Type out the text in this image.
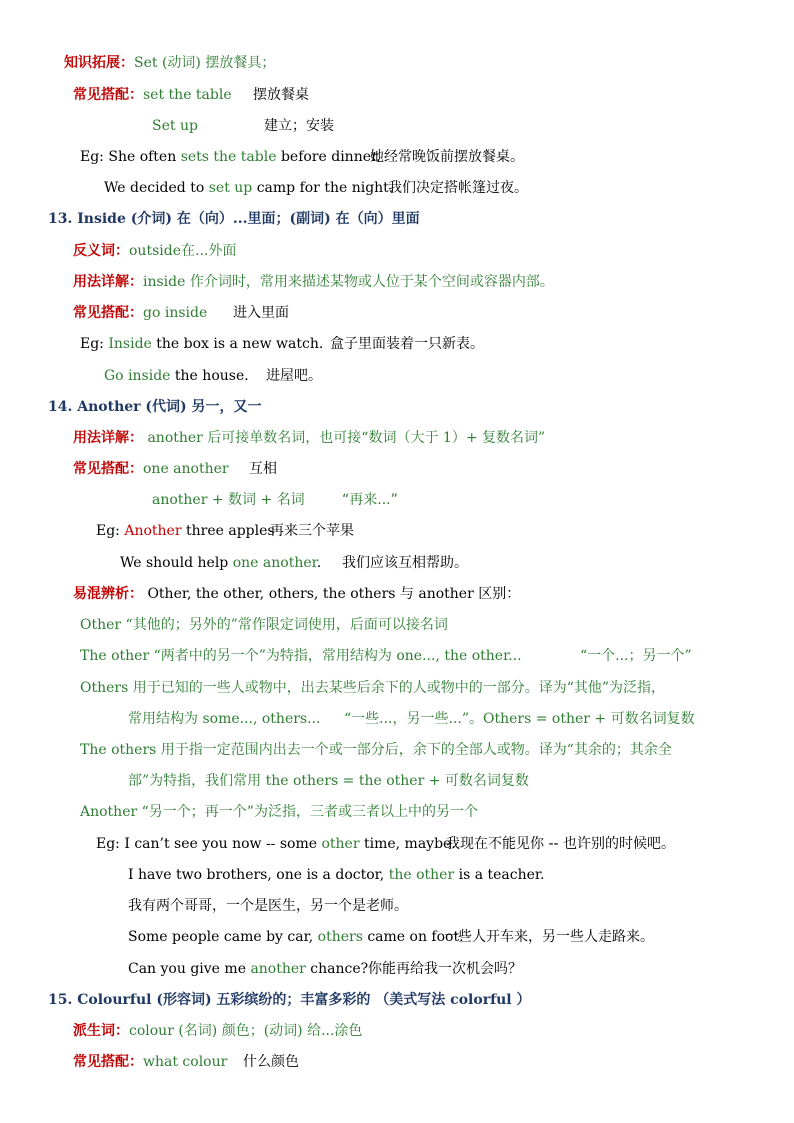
知识拓展：Set (动词) 摆放餐具；
常见搭配：set the table 摆放餐桌
Set up	建立；安装
Eg: She often sets the table before dinner.她经常晚饭前摆放餐桌。
We decided to set up camp for the night.我们决定搭帐篷过夜。
13. Inside (介词) 在（向）...里面；(副词) 在（向）里面
反义词：outside在...外面
用法详解：inside 作介词时，常用来描述某物或人位于某个空间或容器内部。
常见搭配：go inside 进入里面
Eg: Inside the box is a new watch. 盒子里面装着一只新表。
Go inside the house. 进屋吧。
14. Another (代词) 另一，又一
用法详解： another 后可接单数名词，也可接“数词（大于 1）+ 复数名词”
常见搭配：one another 互相
another + 数词 + 名词	“再来...”
Eg: Another three apples再来三个苹果
We should help one another. 我们应该互相帮助。
易混辨析： Other, the other, others, the others 与 another 区别：
Other “其他的；另外的”常作限定词使用，后面可以接名词
The other “两者中的另一个”为特指，常用结构为 one..., the other...	“一个...；另一个”
Others 用于已知的一些人或物中，出去某些后余下的人或物中的一部分。译为“其他”为泛指，
常用结构为 some..., others... “一些...，另一些...”。Others = other + 可数名词复数
The others 用于指一定范围内出去一个或一部分后，余下的全部人或物。译为“其余的；其余全
部”为特指，我们常用 the others = the other + 可数名词复数
Another “另一个；再一个”为泛指，三者或三者以上中的另一个
Eg: I can’t see you now -- some other time, maybe.我现在不能见你 -- 也许别的时候吧。
I have two brothers, one is a doctor, the other is a teacher.
我有两个哥哥，一个是医生，另一个是老师。
Some people came by car, others came on foot.一些人开车来，另一些人走路来。
Can you give me another chance?你能再给我一次机会吗？
15. Colourful (形容词) 五彩缤纷的；丰富多彩的 （美式写法 colorful ）
派生词：colour (名词) 颜色；(动词) 给...涂色
常见搭配：what colour 什么颜色
